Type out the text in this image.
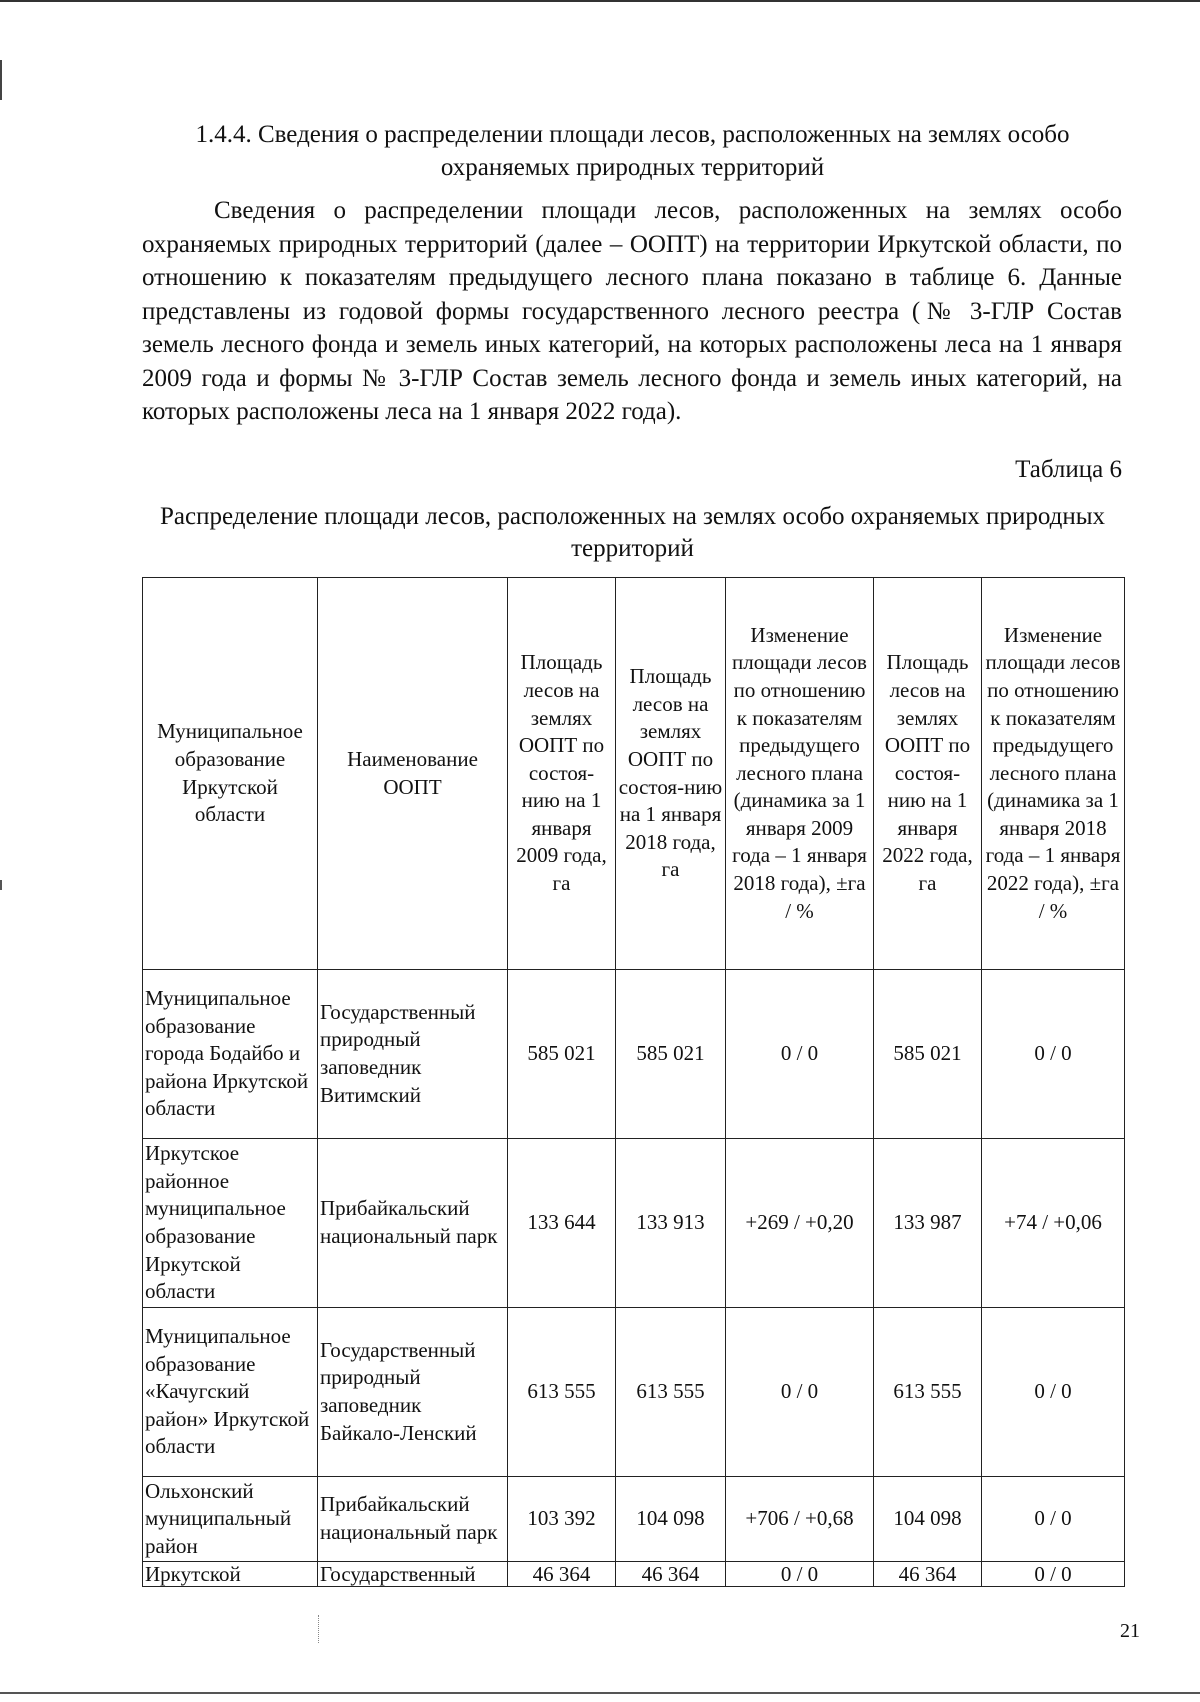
1.4.4. Сведения о распределении площади лесов, расположенных на землях особо охраняемых природных территорий

Сведения о распределении площади лесов, расположенных на землях особо охраняемых природных территорий (далее – ООПТ) на территории Иркутской области, по отношению к показателям предыдущего лесного плана показано в таблице 6. Данные представлены из годовой формы государственного лесного реестра (№ 3-ГЛР Состав земель лесного фонда и земель иных категорий, на которых расположены леса на 1 января 2009 года и формы № 3-ГЛР Состав земель лесного фонда и земель иных категорий, на которых расположены леса на 1 января 2022 года).

Таблица 6
Распределение площади лесов, расположенных на землях особо охраняемых природных территорий
Муниципальное образование Иркутской области	Наименование ООПТ	Площадь лесов на землях ООПТ по состоя-нию на 1 января 2009 года, га	Площадь лесов на землях ООПТ по состоя-нию на 1 января 2018 года, га	Изменение площади лесов по отношению к показателям предыдущего лесного плана (динамика за 1 января 2009 года – 1 января 2018 года), ±га / %	Площадь лесов на землях ООПТ по состоя-нию на 1 января 2022 года, га	Изменение площади лесов по отношению к показателям предыдущего лесного плана (динамика за 1 января 2018 года – 1 января 2022 года), ±га / %
Муниципальное образование города Бодайбо и района Иркутской области	Государственный природный заповедник Витимский	585 021	585 021	0 / 0	585 021	0 / 0
Иркутское районное муниципальное образование Иркутской области	Прибайкальский национальный парк	133 644	133 913	+269 / +0,20	133 987	+74 / +0,06
Муниципальное образование «Качугский район» Иркутской области	Государственный природный заповедник Байкало-Ленский	613 555	613 555	0 / 0	613 555	0 / 0
Ольхонский муниципальный район	Прибайкальский национальный парк	103 392	104 098	+706 / +0,68	104 098	0 / 0
Иркутской	Государственный	46 364	46 364	0 / 0	46 364	0 / 0
21
